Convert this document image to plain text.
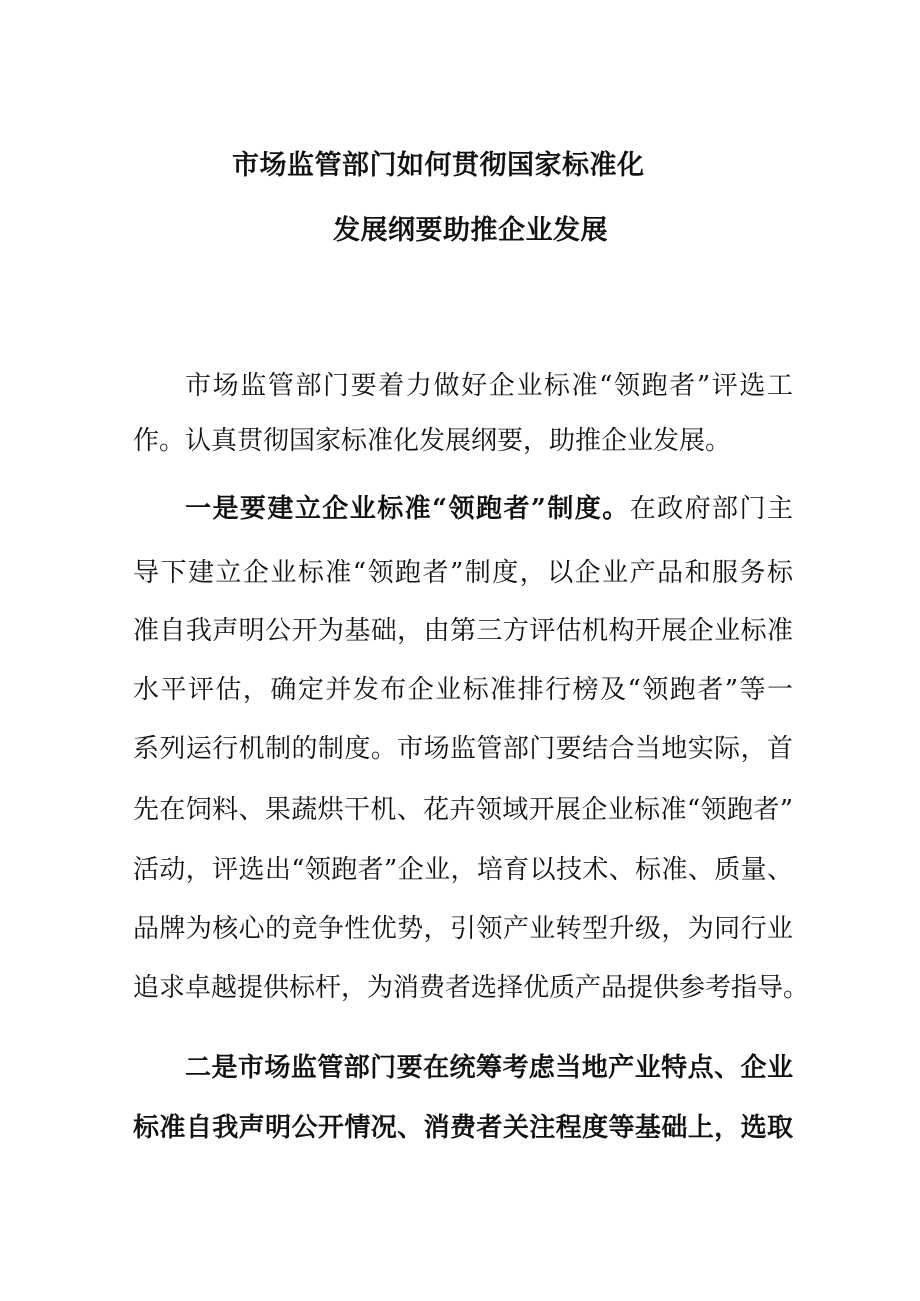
市场监管部门如何贯彻国家标准化
发展纲要助推企业发展
市场监管部门要着力做好企业标准“领跑者”评选工
作。认真贯彻国家标准化发展纲要，助推企业发展。
一是要建立企业标准“领跑者”制度。在政府部门主
导下建立企业标准“领跑者”制度，以企业产品和服务标
准自我声明公开为基础，由第三方评估机构开展企业标准
水平评估，确定并发布企业标准排行榜及“领跑者”等一
系列运行机制的制度。市场监管部门要结合当地实际，首
先在饲料、果蔬烘干机、花卉领域开展企业标准“领跑者”
活动，评选出“领跑者”企业，培育以技术、标准、质量、
品牌为核心的竞争性优势，引领产业转型升级，为同行业
追求卓越提供标杆，为消费者选择优质产品提供参考指导。
二是市场监管部门要在统筹考虑当地产业特点、企业
标准自我声明公开情况、消费者关注程度等基础上，选取
